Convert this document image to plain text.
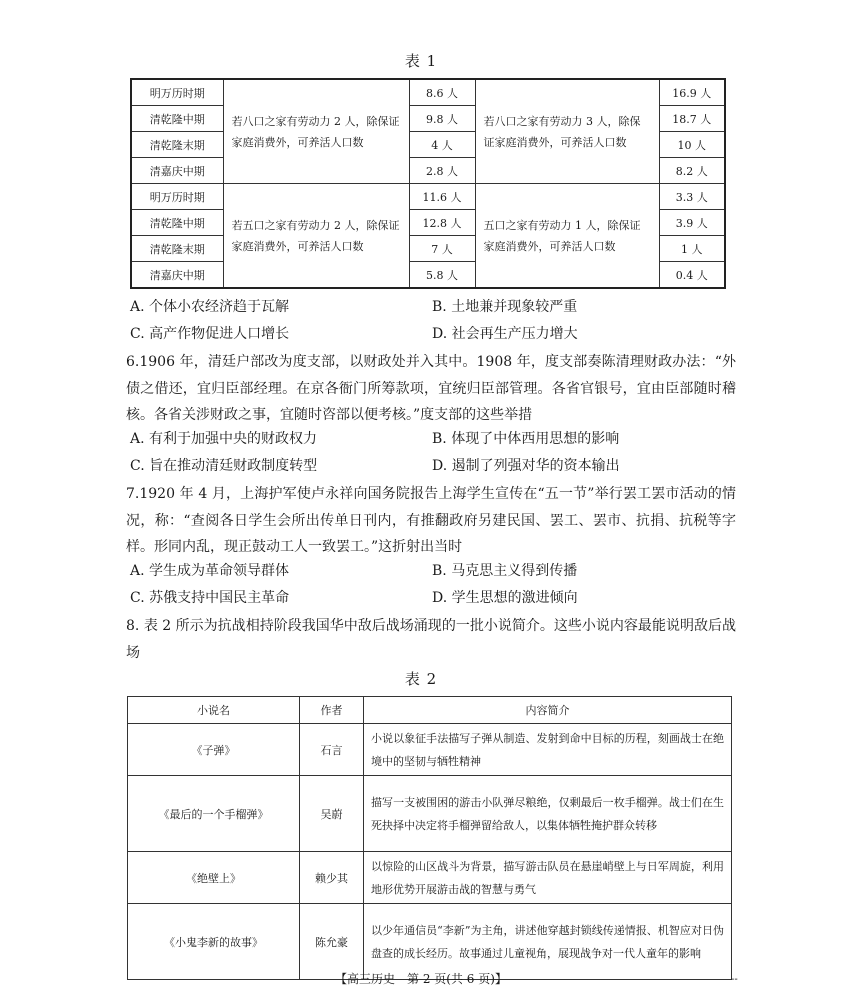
表 1
明万历时期	若八口之家有劳动力 2 人，除保证家庭消费外，可养活人口数	8.6 人	若八口之家有劳动力 3 人，除保证家庭消费外，可养活人口数	16.9 人
清乾隆中期		9.8 人		18.7 人
清乾隆末期		4 人		10 人
清嘉庆中期		2.8 人		8.2 人
明万历时期	若五口之家有劳动力 2 人，除保证家庭消费外，可养活人口数	11.6 人	五口之家有劳动力 1 人，除保证家庭消费外，可养活人口数	3.3 人
清乾隆中期		12.8 人		3.9 人
清乾隆末期		7 人		1 人
清嘉庆中期		5.8 人		0.4 人
A. 个体小农经济趋于瓦解	B. 土地兼并现象较严重
C. 高产作物促进人口增长	D. 社会再生产压力增大
6.1906 年，清廷户部改为度支部，以财政处并入其中。1908 年，度支部奏陈清理财政办法：“外债之借还，宜归臣部经理。在京各衙门所筹款项，宜统归臣部管理。各省官银号，宜由臣部随时稽核。各省关涉财政之事，宜随时咨部以便考核。”度支部的这些举措
A. 有利于加强中央的财政权力	B. 体现了中体西用思想的影响
C. 旨在推动清廷财政制度转型	D. 遏制了列强对华的资本输出
7.1920 年 4 月，上海护军使卢永祥向国务院报告上海学生宣传在“五一节”举行罢工罢市活动的情况，称：“查阅各日学生会所出传单日刊内，有推翻政府另建民国、罢工、罢市、抗捐、抗税等字样。形同内乱，现正鼓动工人一致罢工。”这折射出当时
A. 学生成为革命领导群体	B. 马克思主义得到传播
C. 苏俄支持中国民主革命	D. 学生思想的激进倾向
8. 表 2 所示为抗战相持阶段我国华中敌后战场涌现的一批小说简介。这些小说内容最能说明敌后战场
表 2
小说名	作者	内容简介
《子弹》	石言	小说以象征手法描写子弹从制造、发射到命中目标的历程，刻画战士在绝境中的坚韧与牺牲精神
《最后的一个手榴弹》	吴蔚	描写一支被围困的游击小队弹尽粮绝，仅剩最后一枚手榴弹。战士们在生死抉择中决定将手榴弹留给敌人，以集体牺牲掩护群众转移
《绝壁上》	赖少其	以惊险的山区战斗为背景，描写游击队员在悬崖峭壁上与日军周旋，利用地形优势开展游击战的智慧与勇气
《小鬼李新的故事》	陈允豪	以少年通信员“李新”为主角，讲述他穿越封锁线传递情报、机智应对日伪盘查的成长经历。故事通过儿童视角，展现战争对一代人童年的影响
【高三历史　第 2 页(共 6 页)】	--
